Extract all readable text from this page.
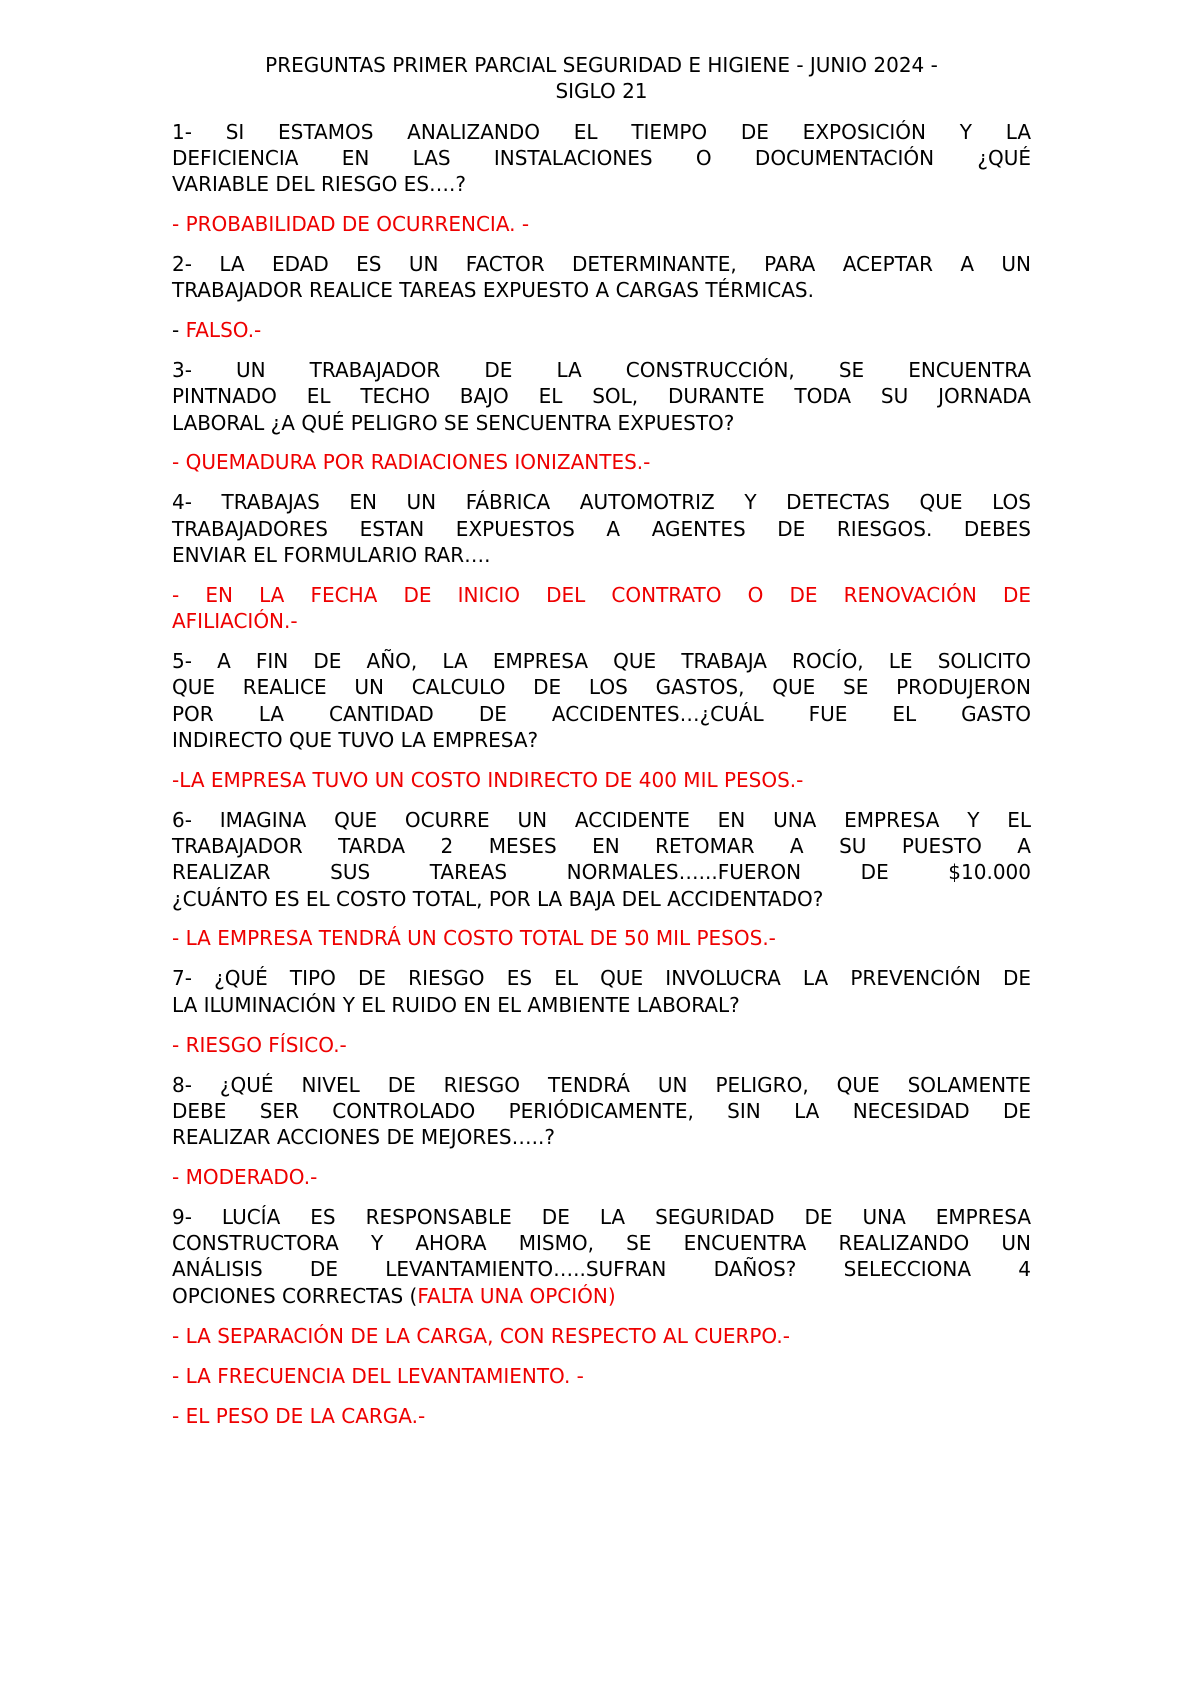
PREGUNTAS PRIMER PARCIAL SEGURIDAD E HIGIENE - JUNIO 2024 -
SIGLO 21
1- SI ESTAMOS ANALIZANDO EL TIEMPO DE EXPOSICIÓN Y LA
DEFICIENCIA EN LAS INSTALACIONES O DOCUMENTACIÓN ¿QUÉ
VARIABLE DEL RIESGO ES….?
- PROBABILIDAD DE OCURRENCIA. -
2- LA EDAD ES UN FACTOR DETERMINANTE, PARA ACEPTAR A UN
TRABAJADOR REALICE TAREAS EXPUESTO A CARGAS TÉRMICAS.
- FALSO.-
3- UN TRABAJADOR DE LA CONSTRUCCIÓN, SE ENCUENTRA
PINTNADO EL TECHO BAJO EL SOL, DURANTE TODA SU JORNADA
LABORAL ¿A QUÉ PELIGRO SE SENCUENTRA EXPUESTO?
- QUEMADURA POR RADIACIONES IONIZANTES.-
4- TRABAJAS EN UN FÁBRICA AUTOMOTRIZ Y DETECTAS QUE LOS
TRABAJADORES ESTAN EXPUESTOS A AGENTES DE RIESGOS. DEBES
ENVIAR EL FORMULARIO RAR….
- EN LA FECHA DE INICIO DEL CONTRATO O DE RENOVACIÓN DE
AFILIACIÓN.-
5- A FIN DE AÑO, LA EMPRESA QUE TRABAJA ROCÍO, LE SOLICITO
QUE REALICE UN CALCULO DE LOS GASTOS, QUE SE PRODUJERON
POR LA CANTIDAD DE ACCIDENTES…¿CUÁL FUE EL GASTO
INDIRECTO QUE TUVO LA EMPRESA?
-LA EMPRESA TUVO UN COSTO INDIRECTO DE 400 MIL PESOS.-
6- IMAGINA QUE OCURRE UN ACCIDENTE EN UNA EMPRESA Y EL
TRABAJADOR TARDA 2 MESES EN RETOMAR A SU PUESTO A
REALIZAR SUS TAREAS NORMALES…...FUERON DE $10.000
¿CUÁNTO ES EL COSTO TOTAL, POR LA BAJA DEL ACCIDENTADO?
- LA EMPRESA TENDRÁ UN COSTO TOTAL DE 50 MIL PESOS.-
7- ¿QUÉ TIPO DE RIESGO ES EL QUE INVOLUCRA LA PREVENCIÓN DE
LA ILUMINACIÓN Y EL RUIDO EN EL AMBIENTE LABORAL?
- RIESGO FÍSICO.-
8- ¿QUÉ NIVEL DE RIESGO TENDRÁ UN PELIGRO, QUE SOLAMENTE
DEBE SER CONTROLADO PERIÓDICAMENTE, SIN LA NECESIDAD DE
REALIZAR ACCIONES DE MEJORES…..?
- MODERADO.-
9- LUCÍA ES RESPONSABLE DE LA SEGURIDAD DE UNA EMPRESA
CONSTRUCTORA Y AHORA MISMO, SE ENCUENTRA REALIZANDO UN
ANÁLISIS DE LEVANTAMIENTO…..SUFRAN DAÑOS? SELECCIONA 4
OPCIONES CORRECTAS (FALTA UNA OPCIÓN)
- LA SEPARACIÓN DE LA CARGA, CON RESPECTO AL CUERPO.-
- LA FRECUENCIA DEL LEVANTAMIENTO. -
- EL PESO DE LA CARGA.-
